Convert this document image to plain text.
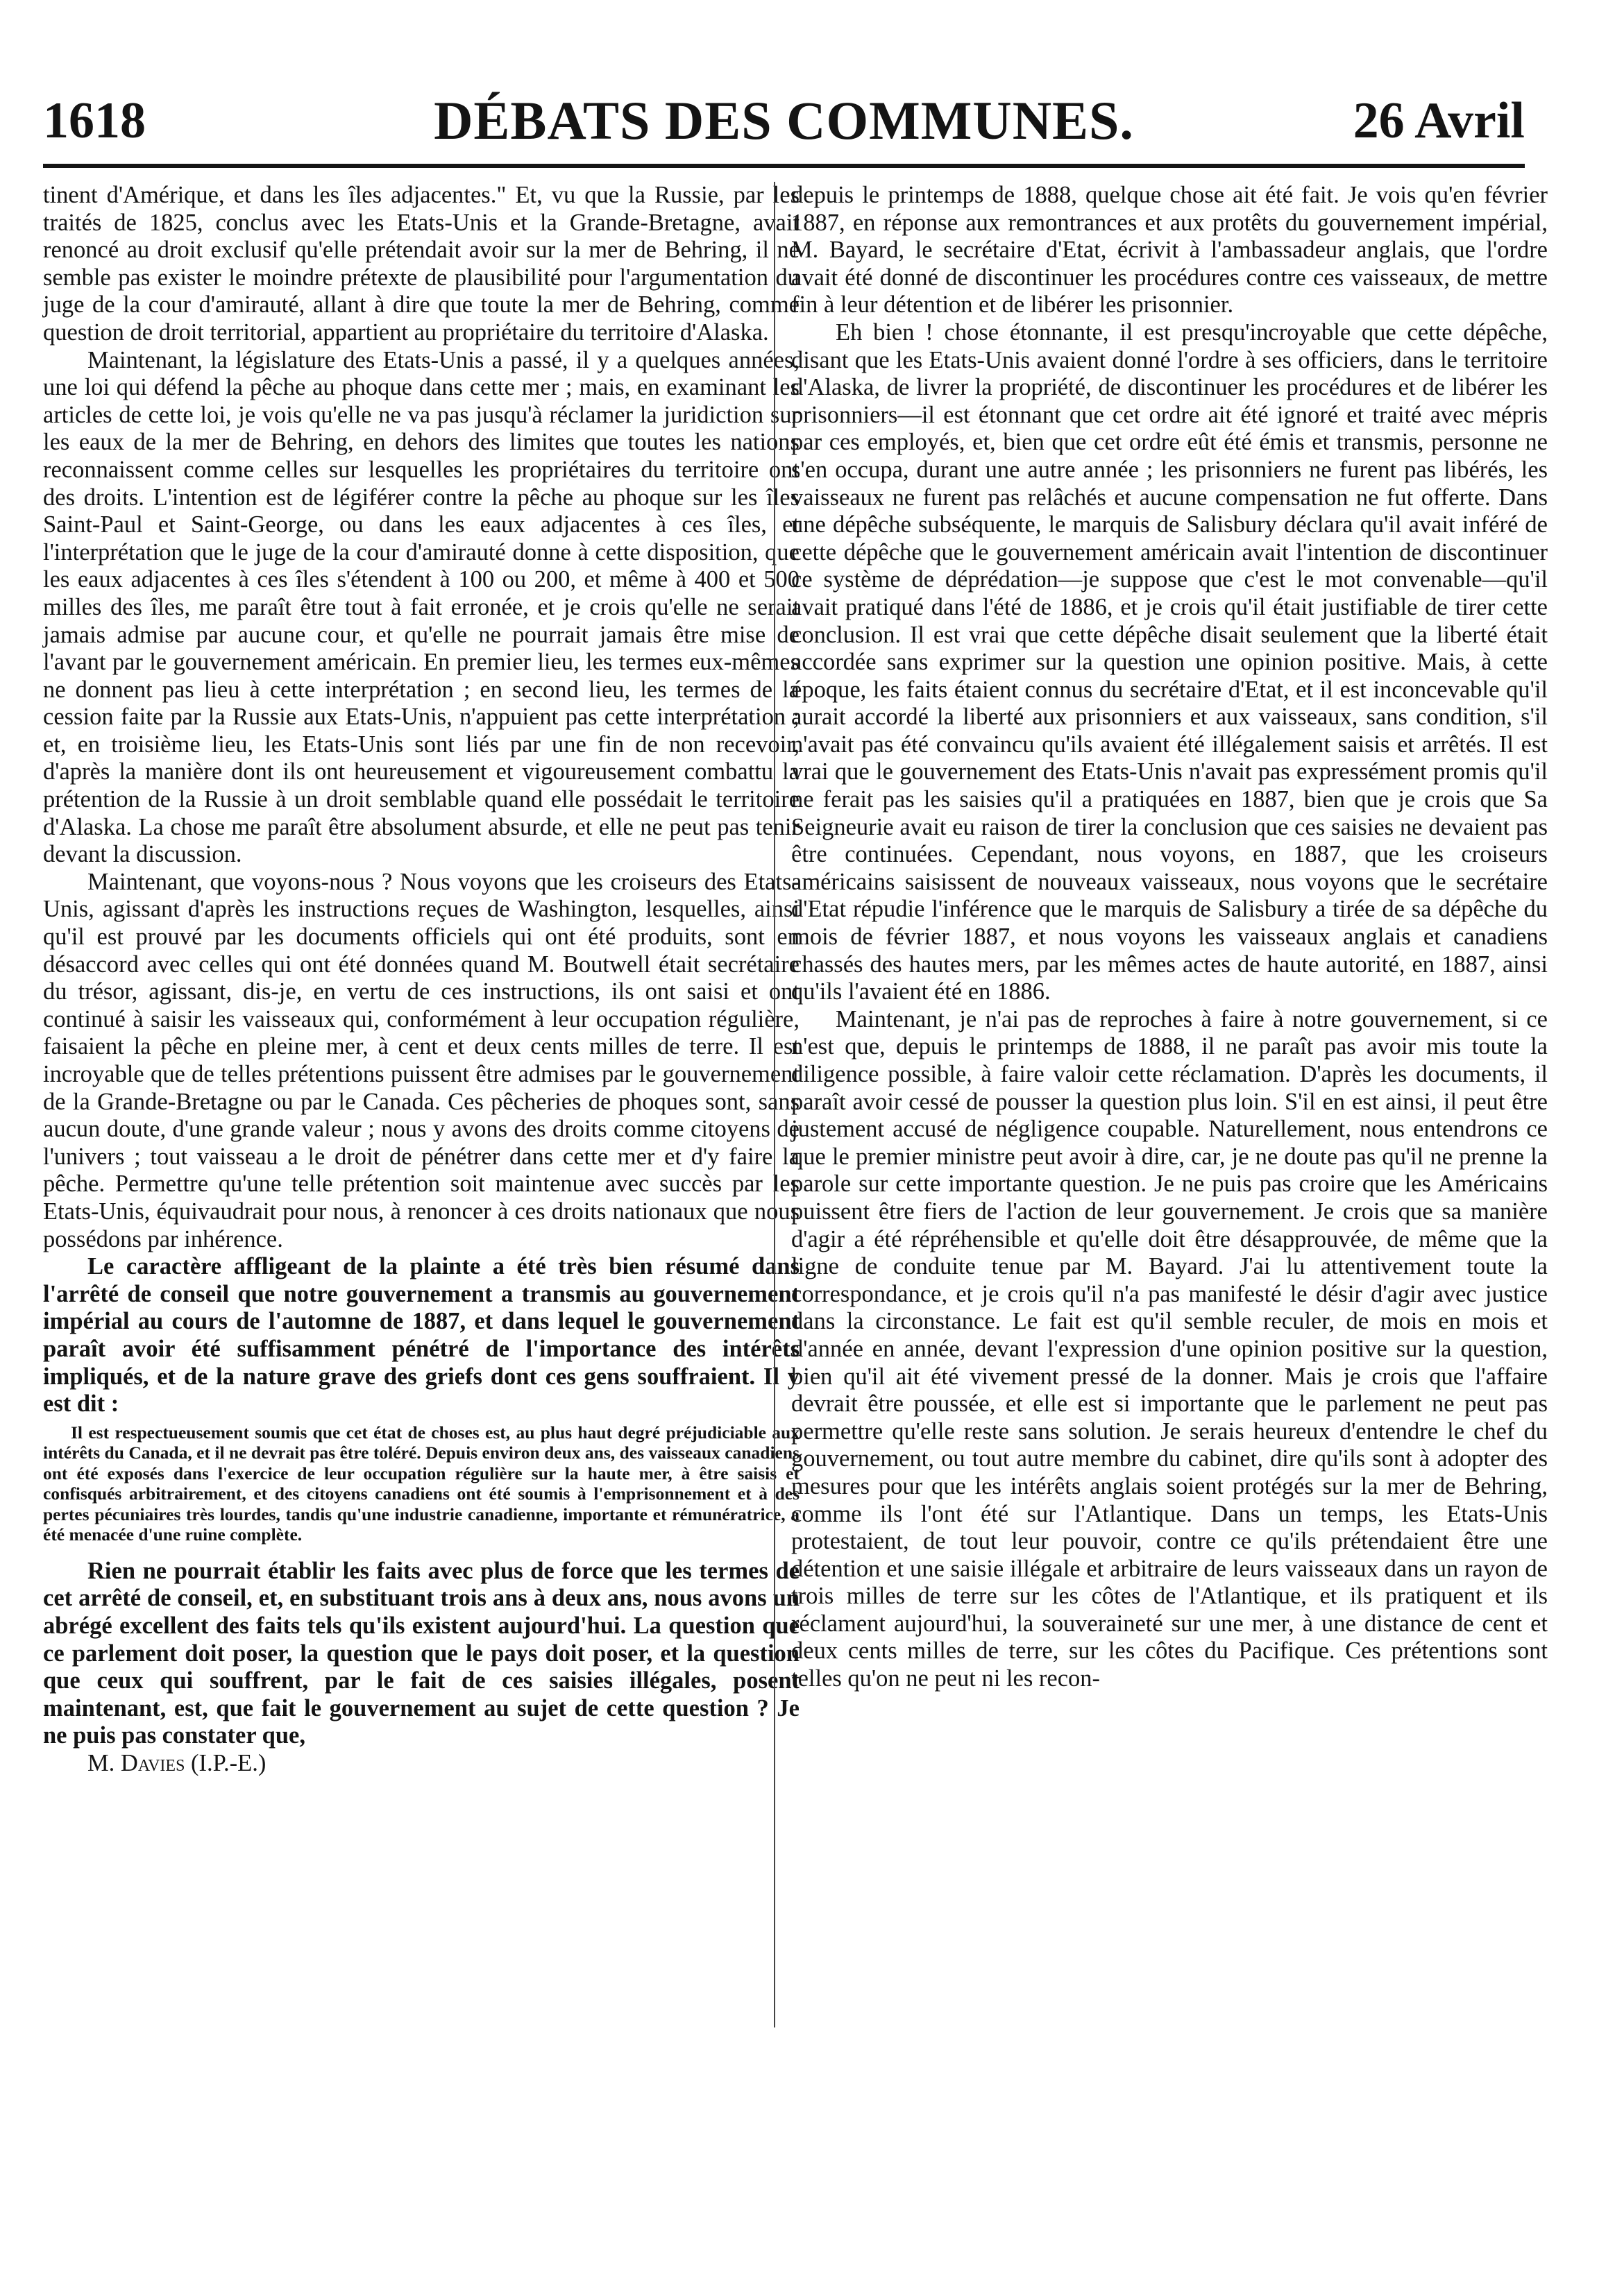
DÉBATS DES COMMUNES.
1618	26 Avril

tinent d'Amérique, et dans les îles adjacentes." Et, vu que la Russie, par les traités de 1825, conclus avec les Etats-Unis et la Grande-Bretagne, avait renoncé au droit exclusif qu'elle prétendait avoir sur la mer de Behring, il ne semble pas exister le moindre prétexte de plausibilité pour l'argumentation du juge de la cour d'amirauté, allant à dire que toute la mer de Behring, comme question de droit territorial, appartient au propriétaire du territoire d'Alaska.

Maintenant, la législature des Etats-Unis a passé, il y a quelques années, une loi qui défend la pêche au phoque dans cette mer ; mais, en examinant les articles de cette loi, je vois qu'elle ne va pas jusqu'à réclamer la juridiction sur les eaux de la mer de Behring, en dehors des limites que toutes les nations reconnaissent comme celles sur lesquelles les propriétaires du territoire ont des droits. L'intention est de légiférer contre la pêche au phoque sur les îles Saint-Paul et Saint-George, ou dans les eaux adjacentes à ces îles, et l'interprétation que le juge de la cour d'amirauté donne à cette disposition, que les eaux adjacentes à ces îles s'étendent à 100 ou 200, et même à 400 et 500 milles des îles, me paraît être tout à fait erronée, et je crois qu'elle ne serait jamais admise par aucune cour, et qu'elle ne pourrait jamais être mise de l'avant par le gouvernement américain. En premier lieu, les termes eux-mêmes ne donnent pas lieu à cette interprétation ; en second lieu, les termes de la cession faite par la Russie aux Etats-Unis, n'appuient pas cette interprétation ; et, en troisième lieu, les Etats-Unis sont liés par une fin de non recevoir, d'après la manière dont ils ont heureusement et vigoureusement combattu la prétention de la Russie à un droit semblable quand elle possédait le territoire d'Alaska. La chose me paraît être absolument absurde, et elle ne peut pas tenir devant la discussion.

Maintenant, que voyons-nous ? Nous voyons que les croiseurs des Etats-Unis, agissant d'après les instructions reçues de Washington, lesquelles, ainsi qu'il est prouvé par les documents officiels qui ont été produits, sont en désaccord avec celles qui ont été données quand M. Boutwell était secrétaire du trésor, agissant, dis-je, en vertu de ces instructions, ils ont saisi et ont continué à saisir les vaisseaux qui, conformément à leur occupation régulière, faisaient la pêche en pleine mer, à cent et deux cents milles de terre. Il est incroyable que de telles prétentions puissent être admises par le gouvernement de la Grande-Bretagne ou par le Canada. Ces pêcheries de phoques sont, sans aucun doute, d'une grande valeur ; nous y avons des droits comme citoyens de l'univers ; tout vaisseau a le droit de pénétrer dans cette mer et d'y faire la pêche. Permettre qu'une telle prétention soit maintenue avec succès par les Etats-Unis, équivaudrait pour nous, à renoncer à ces droits nationaux que nous possédons par inhérence.

Le caractère affligeant de la plainte a été très bien résumé dans l'arrêté de conseil que notre gouvernement a transmis au gouvernement impérial au cours de l'automne de 1887, et dans lequel le gouvernement paraît avoir été suffisamment pénétré de l'importance des intérêts impliqués, et de la nature grave des griefs dont ces gens souffraient. Il y est dit :

Il est respectueusement soumis que cet état de choses est, au plus haut degré préjudiciable aux intérêts du Canada, et il ne devrait pas être toléré. Depuis environ deux ans, des vaisseaux canadiens ont été exposés dans l'exercice de leur occupation régulière sur la haute mer, à être saisis et confisqués arbitrairement, et des citoyens canadiens ont été soumis à l'emprisonnement et à des pertes pécuniaires très lourdes, tandis qu'une industrie canadienne, importante et rémunératrice, a été menacée d'une ruine complète.

Rien ne pourrait établir les faits avec plus de force que les termes de cet arrêté de conseil, et, en substituant trois ans à deux ans, nous avons un abrégé excellent des faits tels qu'ils existent aujourd'hui. La question que ce parlement doit poser, la question que le pays doit poser, et la question que ceux qui souffrent, par le fait de ces saisies illégales, posent maintenant, est, que fait le gouvernement au sujet de cette question ? Je ne puis pas constater que,

M. Davies (I.P.-E.)

depuis le printemps de 1888, quelque chose ait été fait. Je vois qu'en février 1887, en réponse aux remontrances et aux protêts du gouvernement impérial, M. Bayard, le secrétaire d'Etat, écrivit à l'ambassadeur anglais, que l'ordre avait été donné de discontinuer les procédures contre ces vaisseaux, de mettre fin à leur détention et de libérer les prisonnier.

Eh bien ! chose étonnante, il est presqu'incroyable que cette dépêche, disant que les Etats-Unis avaient donné l'ordre à ses officiers, dans le territoire d'Alaska, de livrer la propriété, de discontinuer les procédures et de libérer les prisonniers—il est étonnant que cet ordre ait été ignoré et traité avec mépris par ces employés, et, bien que cet ordre eût été émis et transmis, personne ne s'en occupa, durant une autre année ; les prisonniers ne furent pas libérés, les vaisseaux ne furent pas relâchés et aucune compensation ne fut offerte. Dans une dépêche subséquente, le marquis de Salisbury déclara qu'il avait inféré de cette dépêche que le gouvernement américain avait l'intention de discontinuer ce système de déprédation—je suppose que c'est le mot convenable—qu'il avait pratiqué dans l'été de 1886, et je crois qu'il était justifiable de tirer cette conclusion. Il est vrai que cette dépêche disait seulement que la liberté était accordée sans exprimer sur la question une opinion positive. Mais, à cette époque, les faits étaient connus du secrétaire d'Etat, et il est inconcevable qu'il aurait accordé la liberté aux prisonniers et aux vaisseaux, sans condition, s'il n'avait pas été convaincu qu'ils avaient été illégalement saisis et arrêtés. Il est vrai que le gouvernement des Etats-Unis n'avait pas expressément promis qu'il ne ferait pas les saisies qu'il a pratiquées en 1887, bien que je crois que Sa Seigneurie avait eu raison de tirer la conclusion que ces saisies ne devaient pas être continuées. Cependant, nous voyons, en 1887, que les croiseurs américains saisissent de nouveaux vaisseaux, nous voyons que le secrétaire d'Etat répudie l'inférence que le marquis de Salisbury a tirée de sa dépêche du mois de février 1887, et nous voyons les vaisseaux anglais et canadiens chassés des hautes mers, par les mêmes actes de haute autorité, en 1887, ainsi qu'ils l'avaient été en 1886.

Maintenant, je n'ai pas de reproches à faire à notre gouvernement, si ce n'est que, depuis le printemps de 1888, il ne paraît pas avoir mis toute la diligence possible, à faire valoir cette réclamation. D'après les documents, il paraît avoir cessé de pousser la question plus loin. S'il en est ainsi, il peut être justement accusé de négligence coupable. Naturellement, nous entendrons ce que le premier ministre peut avoir à dire, car, je ne doute pas qu'il ne prenne la parole sur cette importante question. Je ne puis pas croire que les Américains puissent être fiers de l'action de leur gouvernement. Je crois que sa manière d'agir a été répréhensible et qu'elle doit être désapprouvée, de même que la ligne de conduite tenue par M. Bayard. J'ai lu attentivement toute la correspondance, et je crois qu'il n'a pas manifesté le désir d'agir avec justice dans la circonstance. Le fait est qu'il semble reculer, de mois en mois et d'année en année, devant l'expression d'une opinion positive sur la question, bien qu'il ait été vivement pressé de la donner. Mais je crois que l'affaire devrait être poussée, et elle est si importante que le parlement ne peut pas permettre qu'elle reste sans solution. Je serais heureux d'entendre le chef du gouvernement, ou tout autre membre du cabinet, dire qu'ils sont à adopter des mesures pour que les intérêts anglais soient protégés sur la mer de Behring, comme ils l'ont été sur l'Atlantique. Dans un temps, les Etats-Unis protestaient, de tout leur pouvoir, contre ce qu'ils prétendaient être une détention et une saisie illégale et arbitraire de leurs vaisseaux dans un rayon de trois milles de terre sur les côtes de l'Atlantique, et ils pratiquent et ils réclament aujourd'hui, la souveraineté sur une mer, à une distance de cent et deux cents milles de terre, sur les côtes du Pacifique. Ces prétentions sont telles qu'on ne peut ni les recon-
